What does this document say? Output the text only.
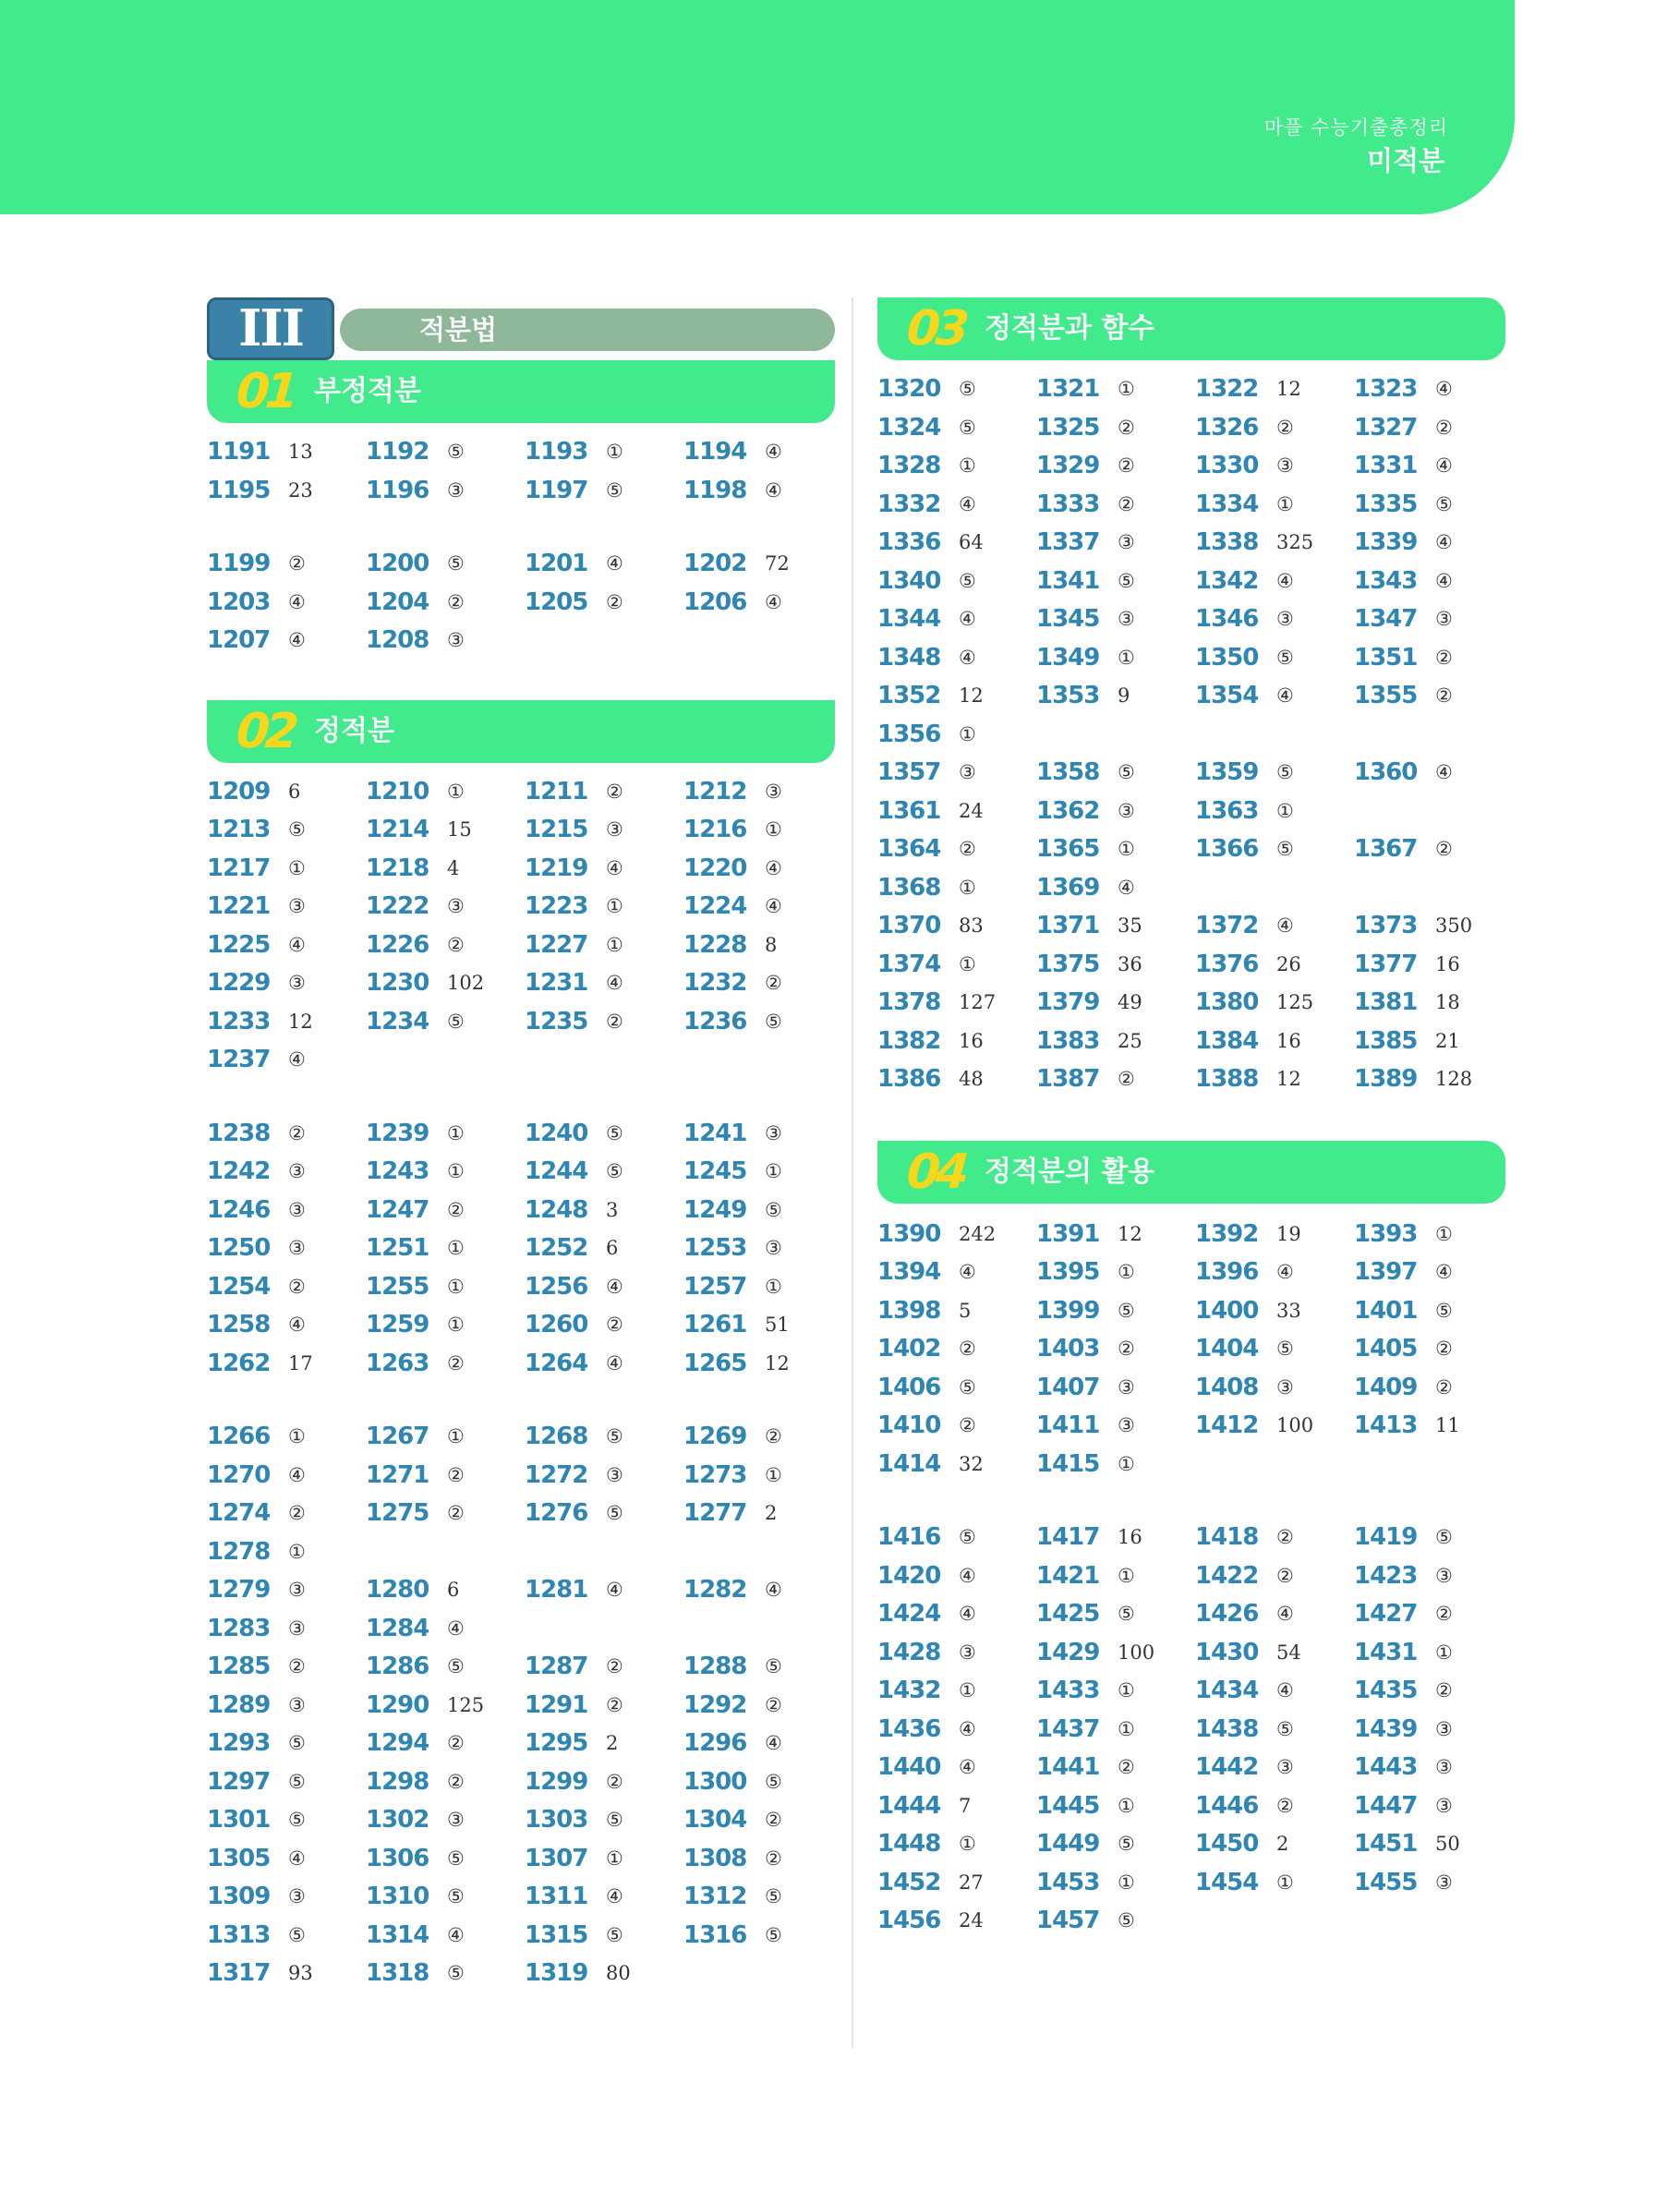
마플 수능기출총정리
미적분
III	적분법
01 부정적분
1191 13 1192 ⑤	1193 ①	1194 ④
1195 23 1196 ③	1197 ⑤	1198 ④
1199 ②	1200 ⑤	1201 ④	1202 72
1203 ④	1204 ②	1205 ②	1206 ④
1207 ④	1208 ③
02 정적분
1209 6	1210 ①	1211 ②	1212 ③
1213 ⑤	1214 15 1215 ③	1216 ①
1217 ①	1218 4	1219 ④	1220 ④
1221 ③	1222 ③	1223 ①	1224 ④
1225 ④	1226 ②	1227 ①	1228 8
1229 ③	1230 102 1231 ④	1232 ②
1233 12 1234 ⑤	1235 ②	1236 ⑤
1237 ④
1238 ②	1239 ①	1240 ⑤	1241 ③
1242 ③	1243 ①	1244 ⑤	1245 ①
1246 ③	1247 ②	1248 3	1249 ⑤
1250 ③	1251 ①	1252 6	1253 ③
1254 ②	1255 ①	1256 ④	1257 ①
1258 ④	1259 ①	1260 ②	1261 51
1262 17 1263 ②	1264 ④	1265 12
1266 ①	1267 ①	1268 ⑤	1269 ②
1270 ④	1271 ②	1272 ③	1273 ①
1274 ②	1275 ②	1276 ⑤	1277 2
1278 ①
1279 ③	1280 6	1281 ④	1282 ④
1283 ③	1284 ④
1285 ②	1286 ⑤	1287 ②	1288 ⑤
1289 ③	1290 125 1291 ②	1292 ②
1293 ⑤	1294 ②	1295 2	1296 ④
1297 ⑤	1298 ②	1299 ②	1300 ⑤
1301 ⑤	1302 ③	1303 ⑤	1304 ②
1305 ④	1306 ⑤	1307 ①	1308 ②
1309 ③	1310 ⑤	1311 ④	1312 ⑤
1313 ⑤	1314 ④	1315 ⑤	1316 ⑤
1317 93 1318 ⑤	1319 80
03 정적분과 함수
1320 ⑤	1321 ①	1322 12 1323 ④
1324 ⑤	1325 ②	1326 ②	1327 ②
1328 ①	1329 ②	1330 ③	1331 ④
1332 ④	1333 ②	1334 ①	1335 ⑤
1336 64 1337 ③	1338 325 1339 ④
1340 ⑤	1341 ⑤	1342 ④	1343 ④
1344 ④	1345 ③	1346 ③	1347 ③
1348 ④	1349 ①	1350 ⑤	1351 ②
1352 12 1353 9	1354 ④	1355 ②
1356 ①
1357 ③	1358 ⑤	1359 ⑤	1360 ④
1361 24 1362 ③	1363 ①
1364 ②	1365 ①	1366 ⑤	1367 ②
1368 ①	1369 ④
1370 83 1371 35 1372 ④	1373 350
1374 ①	1375 36 1376 26 1377 16
1378 127 1379 49 1380 125 1381 18
1382 16 1383 25 1384 16 1385 21
1386 48 1387 ②	1388 12 1389 128
04 정적분의 활용
1390 242 1391 12 1392 19 1393 ①
1394 ④	1395 ①	1396 ④	1397 ④
1398 5	1399 ⑤	1400 33 1401 ⑤
1402 ②	1403 ②	1404 ⑤	1405 ②
1406 ⑤	1407 ③	1408 ③	1409 ②
1410 ②	1411 ③	1412 100 1413 11
1414 32 1415 ①
1416 ⑤	1417 16 1418 ②	1419 ⑤
1420 ④	1421 ①	1422 ②	1423 ③
1424 ④	1425 ⑤	1426 ④	1427 ②
1428 ③	1429 100 1430 54 1431 ①
1432 ①	1433 ①	1434 ④	1435 ②
1436 ④	1437 ①	1438 ⑤	1439 ③
1440 ④	1441 ②	1442 ③	1443 ③
1444 7	1445 ①	1446 ②	1447 ③
1448 ①	1449 ⑤	1450 2	1451 50
1452 27 1453 ①	1454 ①	1455 ③
1456 24 1457 ⑤
